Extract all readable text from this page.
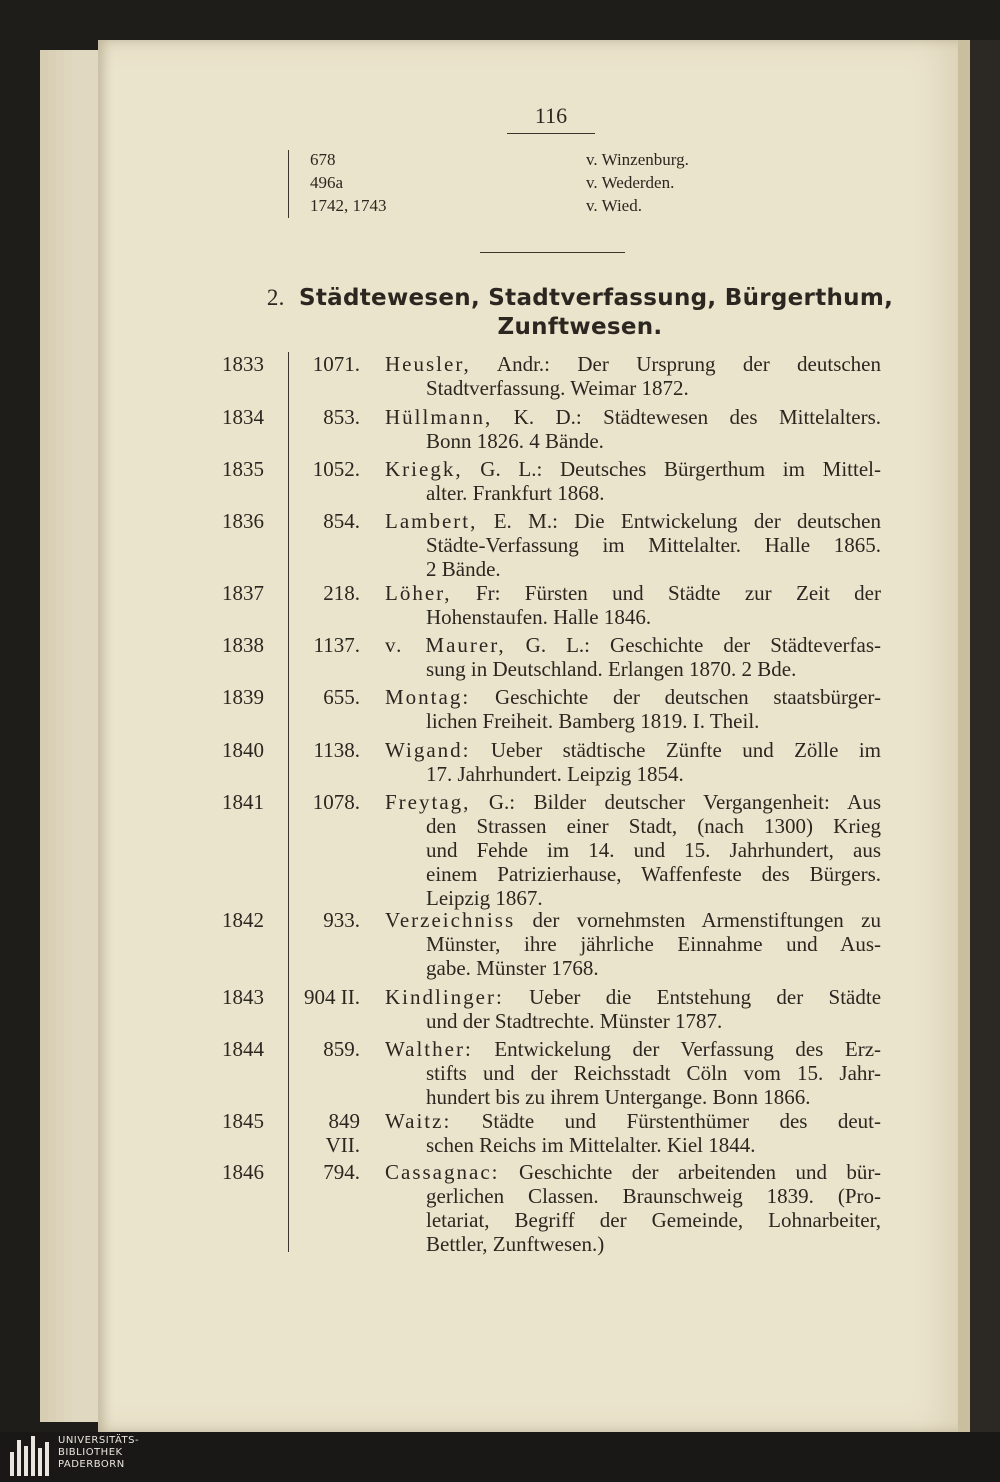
116
678	v. Winzenburg.
496a	v. Wederden.
1742, 1743	v. Wied.
2. Städtewesen, Stadtverfassung, Bürgerthum,
Zunftwesen.
1833	1071. Heusler, Andr.: Der Ursprung der deutschen
Stadtverfassung. Weimar 1872.
1834	853. Hüllmann, K. D.: Städtewesen des Mittelalters.
Bonn 1826. 4 Bände.
1835	1052. Kriegk, G. L.: Deutsches Bürgerthum im Mittel-
alter. Frankfurt 1868.
1836	854. Lambert, E. M.: Die Entwickelung der deutschen
Städte-Verfassung im Mittelalter. Halle 1865.
2 Bände.
1837	218. Löher, Fr: Fürsten und Städte zur Zeit der
Hohenstaufen. Halle 1846.
1838	1137. v. Maurer, G. L.: Geschichte der Städteverfas-
sung in Deutschland. Erlangen 1870. 2 Bde.
1839	655. Montag: Geschichte der deutschen staatsbürger-
lichen Freiheit. Bamberg 1819. I. Theil.
1840	1138. Wigand: Ueber städtische Zünfte und Zölle im
17. Jahrhundert. Leipzig 1854.
1841	1078. Freytag, G.: Bilder deutscher Vergangenheit: Aus
den Strassen einer Stadt, (nach 1300) Krieg
und Fehde im 14. und 15. Jahrhundert, aus
einem Patrizierhause, Waffenfeste des Bürgers.
Leipzig 1867.
1842	933. Verzeichniss der vornehmsten Armenstiftungen zu
Münster, ihre jährliche Einnahme und Aus-
gabe. Münster 1768.
1843	904 II. Kindlinger: Ueber die Entstehung der Städte
und der Stadtrechte. Münster 1787.
1844	859. Walther: Entwickelung der Verfassung des Erz-
stifts und der Reichsstadt Cöln vom 15. Jahr-
hundert bis zu ihrem Untergange. Bonn 1866.
1845	849 VII.
Waitz: Städte und Fürstenthümer des deut-
schen Reichs im Mittelalter. Kiel 1844.
1846	794. Cassagnac: Geschichte der arbeitenden und bür-
gerlichen Classen. Braunschweig 1839. (Pro-
letariat, Begriff der Gemeinde, Lohnarbeiter,
Bettler, Zunftwesen.)
UNIVERSITÄTS-
BIBLIOTHEK
PADERBORN
